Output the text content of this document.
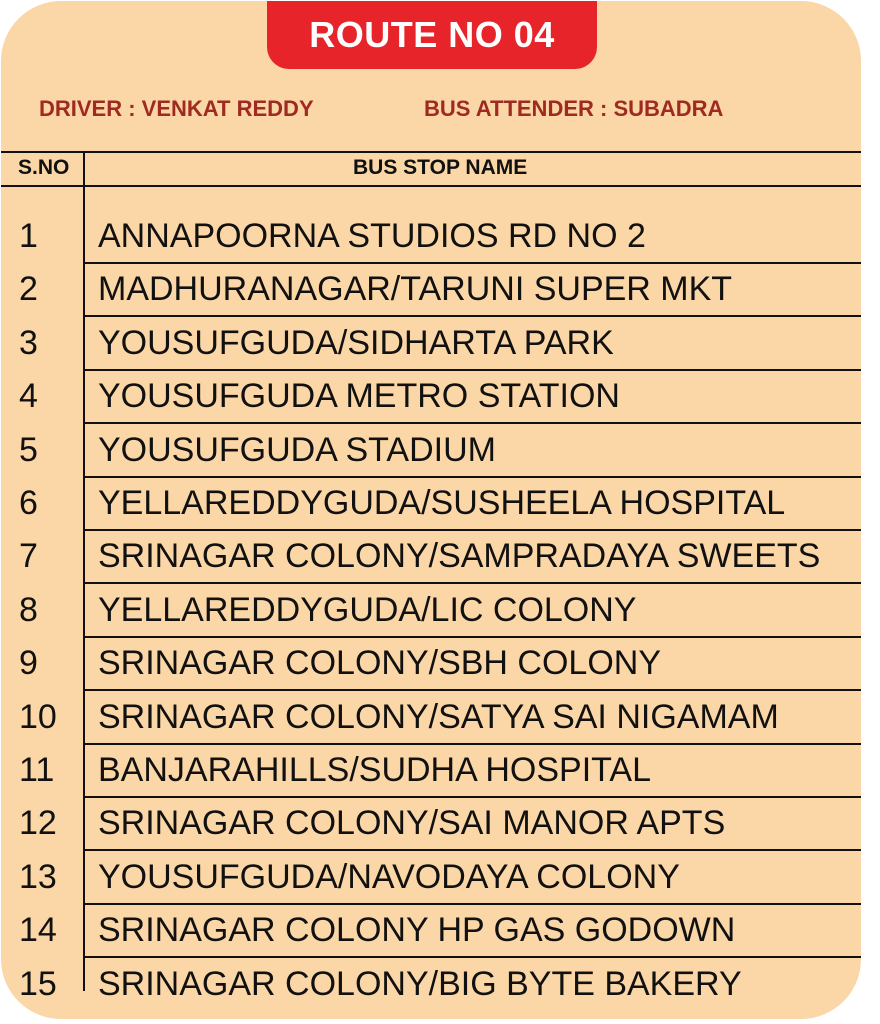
ROUTE NO 04
DRIVER : VENKAT REDDY	BUS ATTENDER : SUBADRA
S.NO	BUS STOP NAME
1 ANNAPOORNA STUDIOS RD NO 2
2 MADHURANAGAR/TARUNI SUPER MKT
3 YOUSUFGUDA/SIDHARTA PARK
4 YOUSUFGUDA METRO STATION
5 YOUSUFGUDA STADIUM
6 YELLAREDDYGUDA/SUSHEELA HOSPITAL
7 SRINAGAR COLONY/SAMPRADAYA SWEETS
8 YELLAREDDYGUDA/LIC COLONY
9 SRINAGAR COLONY/SBH COLONY
10 SRINAGAR COLONY/SATYA SAI NIGAMAM
11 BANJARAHILLS/SUDHA HOSPITAL
12 SRINAGAR COLONY/SAI MANOR APTS
13 YOUSUFGUDA/NAVODAYA COLONY
14 SRINAGAR COLONY HP GAS GODOWN
15 SRINAGAR COLONY/BIG BYTE BAKERY
